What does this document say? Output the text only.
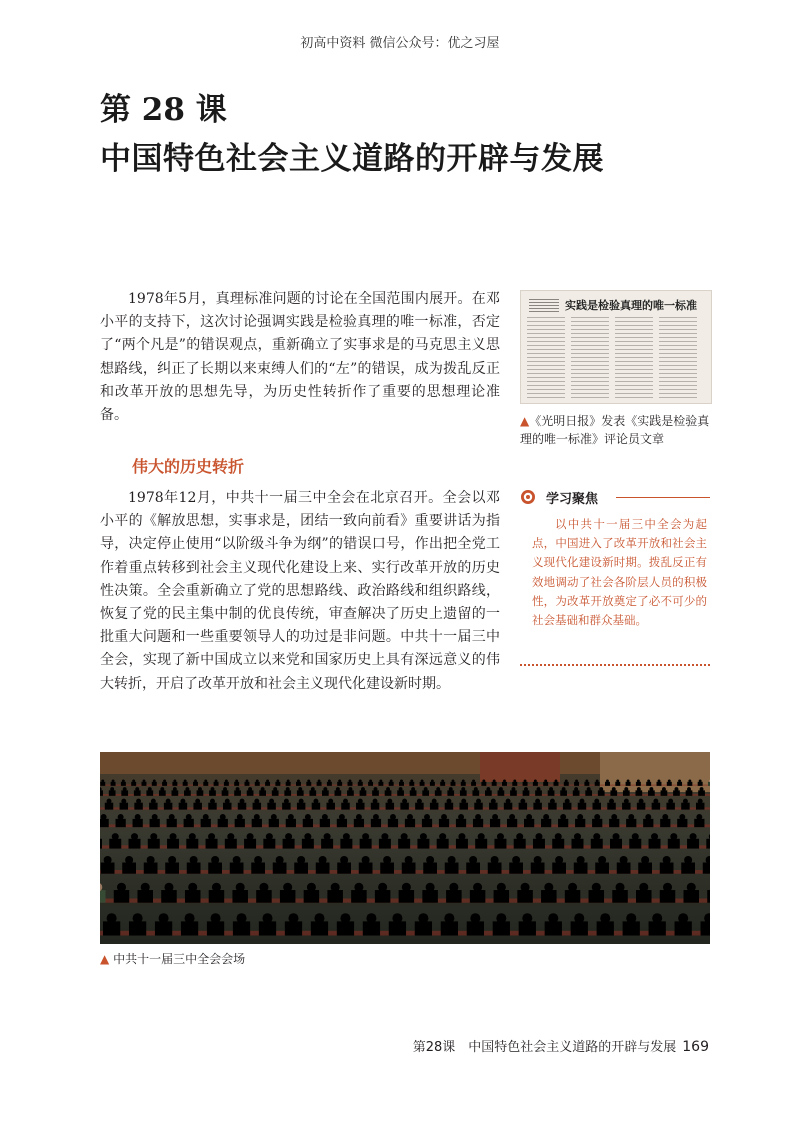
初高中资料 微信公众号：优之习屋
第 28 课
中国特色社会主义道路的开辟与发展

1978年5月，真理标准问题的讨论在全国范围内展开。在邓小平的支持下，这次讨论强调实践是检验真理的唯一标准，否定了“两个凡是”的错误观点，重新确立了实事求是的马克思主义思想路线，纠正了长期以来束缚人们的“左”的错误，成为拨乱反正和改革开放的思想先导，为历史性转折作了重要的思想理论准备。

实践是检验真理的唯一标准
▲《光明日报》发表《实践是检验真理的唯一标准》评论员文章
伟大的历史转折

1978年12月，中共十一届三中全会在北京召开。全会以邓小平的《解放思想，实事求是，团结一致向前看》重要讲话为指导，决定停止使用“以阶级斗争为纲”的错误口号，作出把全党工作着重点转移到社会主义现代化建设上来、实行改革开放的历史性决策。全会重新确立了党的思想路线、政治路线和组织路线，恢复了党的民主集中制的优良传统，审查解决了历史上遗留的一批重大问题和一些重要领导人的功过是非问题。中共十一届三中全会，实现了新中国成立以来党和国家历史上具有深远意义的伟大转折，开启了改革开放和社会主义现代化建设新时期。

学习聚焦

以中共十一届三中全会为起点，中国进入了改革开放和社会主义现代化建设新时期。拨乱反正有效地调动了社会各阶层人员的积极性，为改革开放奠定了必不可少的社会基础和群众基础。

▲ 中共十一届三中全会会场
第28课　中国特色社会主义道路的开辟与发展 169
